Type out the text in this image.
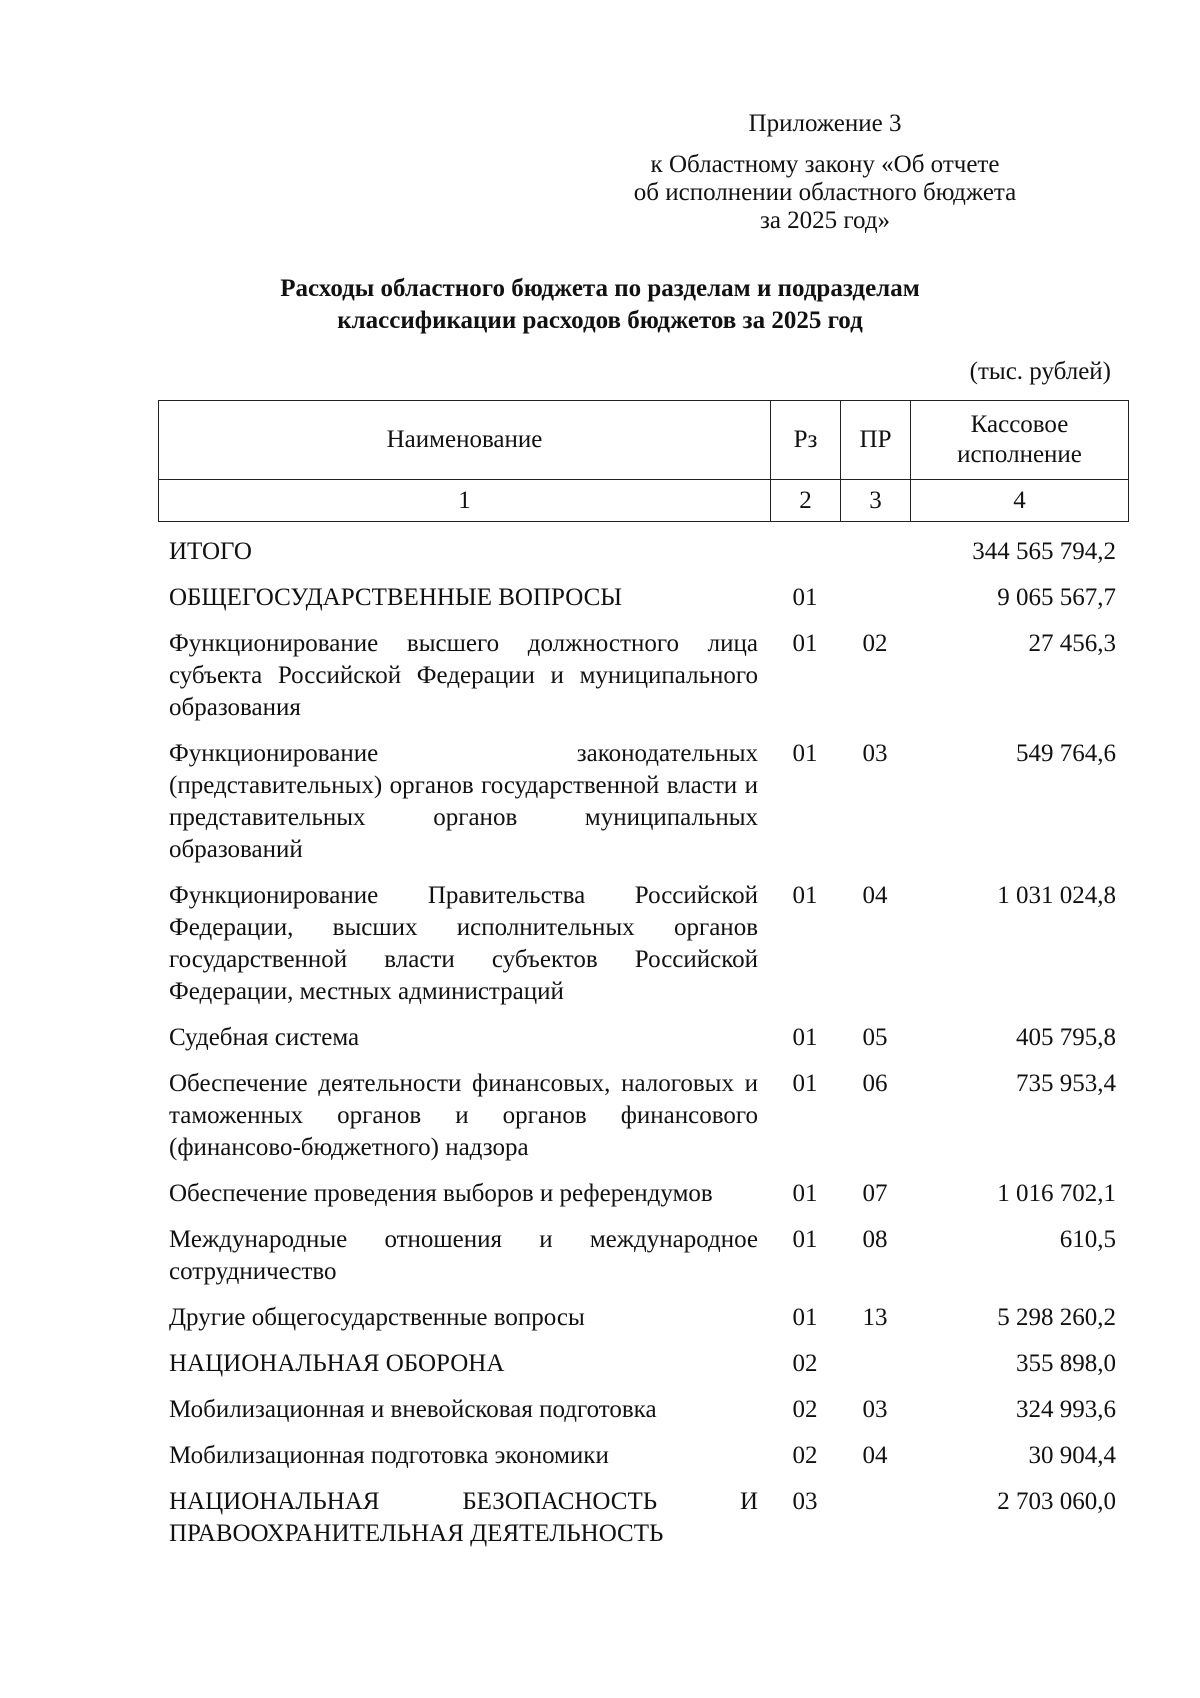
Приложение 3
к Областному закону «Об отчете
об исполнении областного бюджета
за 2025 год»
Расходы областного бюджета по разделам и подразделам
классификации расходов бюджетов за 2025 год
(тыс. рублей)
Наименование	Рз	ПР	Кассовое исполнение
1	2	3	4
ИТОГО			344 565 794,2
ОБЩЕГОСУДАРСТВЕННЫЕ ВОПРОСЫ	01		9 065 567,7
Функционирование высшего должностного лица субъекта Российской Федерации и муниципального образования	01	02	27 456,3
Функционирование законодательных (представительных) органов государственной власти и представительных органов муниципальных образований	01	03	549 764,6
Функционирование Правительства Российской Федерации, высших исполнительных органов государственной власти субъектов Российской Федерации, местных администраций	01	04	1 031 024,8
Судебная система	01	05	405 795,8
Обеспечение деятельности финансовых, налоговых и таможенных органов и органов финансового (финансово-бюджетного) надзора	01	06	735 953,4
Обеспечение проведения выборов и референдумов	01	07	1 016 702,1
Международные отношения и международное сотрудничество	01	08	610,5
Другие общегосударственные вопросы	01	13	5 298 260,2
НАЦИОНАЛЬНАЯ ОБОРОНА	02		355 898,0
Мобилизационная и вневойсковая подготовка	02	03	324 993,6
Мобилизационная подготовка экономики	02	04	30 904,4
НАЦИОНАЛЬНАЯ БЕЗОПАСНОСТЬ И ПРАВООХРАНИТЕЛЬНАЯ ДЕЯТЕЛЬНОСТЬ	03		2 703 060,0
